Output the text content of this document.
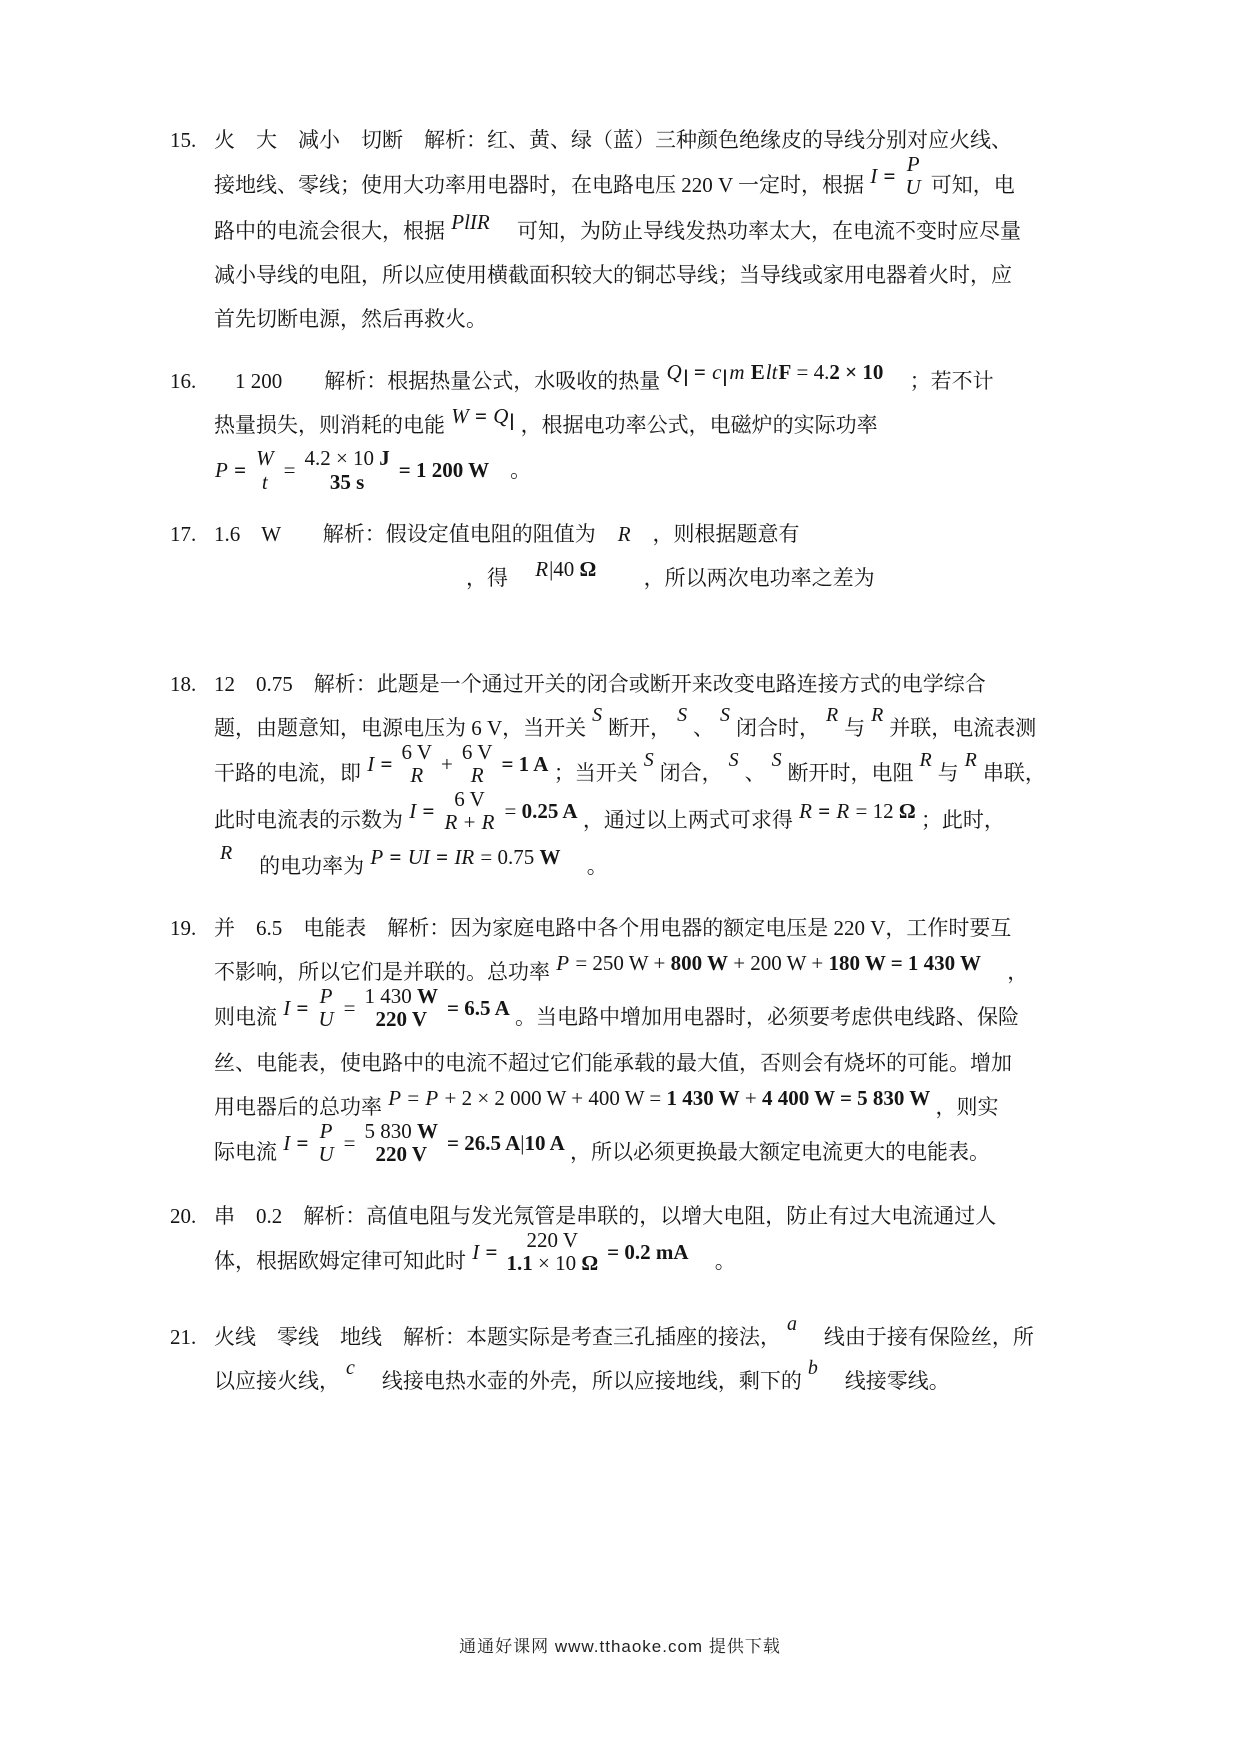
15. 火　大　减小　切断　解析：红、黄、绿（蓝）三种颜色绝缘皮的导线分别对应火线、
接地线、零线；使用大功率用电器时，在电路电压 220 V 一定时，根据 I = P
U 可知，电
路中的电流会很大，根据 PlIR　可知，为防止导线发热功率太大，在电流不变时应尽量
减小导线的电阻，所以应使用横截面积较大的铜芯导线；当导线或家用电器着火时，应
首先切断电源，然后再救火。
16. 　1 200　　解析：根据热量公式，水吸收的热量 Q| = c|m EltF = 4.2 × 10　；若不计
热量损失，则消耗的电能 W = Q| ，根据电功率公式，电磁炉的实际功率
P = W
t = 4.2 × 10 J
35 s	= 1 200 W　。
17. 1.6　W　　解析：假设定值电阻的阻值为　R　，则根据题意有
　　　　　　　　　　　　，得　R|40 Ω　　，所以两次电功率之差为
18. 12　0.75　解析：此题是一个通过开关的闭合或断开来改变电路连接方式的电学综合
题，由题意知，电源电压为 6 V，当开关S断开，S、S闭合时，R与R并联，电流表测
干路的电流，即 I = 6 V
R + 6 V
R = 1 A ；当开关S闭合，S、S断开时，电阻R与R串联，
此时电流表的示数为 I = 6 V
R + R = 0.25 A ，通过以上两式可求得 R = R = 12 Ω ；此时，
R　的电功率为 P = UI = IR = 0.75 W　。
19. 并　6.5　电能表　解析：因为家庭电路中各个用电器的额定电压是 220 V，工作时要互
不影响，所以它们是并联的。总功率 P = 250 W + 800 W + 200 W + 180 W = 1 430 W　，
则电流 I = P
U = 1 430 W
220 V = 6.5 A 。当电路中增加用电器时，必须要考虑供电线路、保险
丝、电能表，使电路中的电流不超过它们能承载的最大值，否则会有烧坏的可能。增加
用电器后的总功率 P = P + 2 × 2 000 W + 400 W = 1 430 W + 4 400 W = 5 830 W ，则实
际电流 I = P
U = 5 830 W
220 V = 26.5 A|10 A ，所以必须更换最大额定电流更大的电能表。
20. 串　0.2　解析：高值电阻与发光氖管是串联的，以增大电阻，防止有过大电流通过人
体，根据欧姆定律可知此时 I =	220 V
1.1 × 10 Ω = 0.2 mA　。
21. 火线　零线　地线　解析：本题实际是考查三孔插座的接法，a　线由于接有保险丝，所
以应接火线，c　线接电热水壶的外壳，所以应接地线，剩下的b　线接零线。
通通好课网 www.tthaoke.com 提供下载
